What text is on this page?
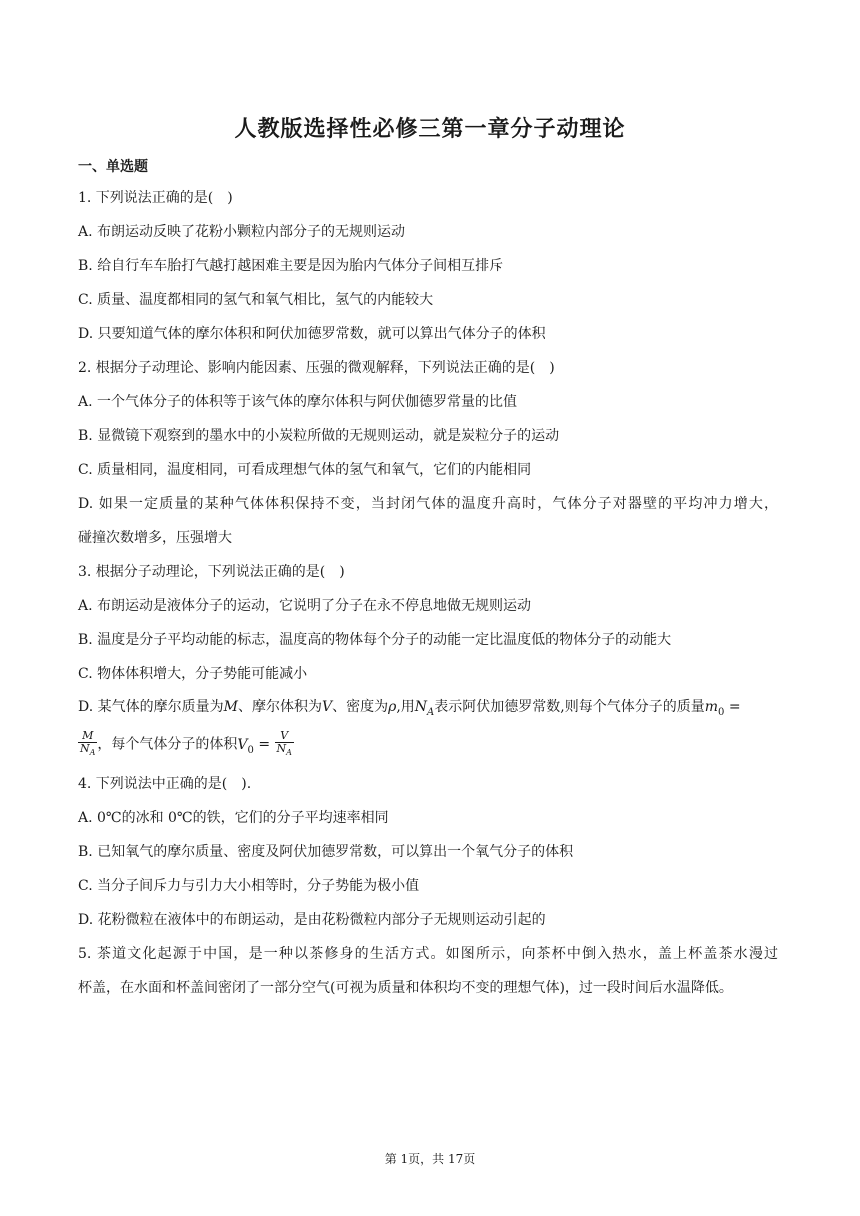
人教版选择性必修三第一章分子动理论
一、单选题
1. 下列说法正确的是(　)
A. 布朗运动反映了花粉小颗粒内部分子的无规则运动
B. 给自行车车胎打气越打越困难主要是因为胎内气体分子间相互排斥
C. 质量、温度都相同的氢气和氧气相比，氢气的内能较大
D. 只要知道气体的摩尔体积和阿伏加德罗常数，就可以算出气体分子的体积
2. 根据分子动理论、影响内能因素、压强的微观解释，下列说法正确的是(　)
A. 一个气体分子的体积等于该气体的摩尔体积与阿伏伽德罗常量的比值
B. 显微镜下观察到的墨水中的小炭粒所做的无规则运动，就是炭粒分子的运动
C. 质量相同，温度相同，可看成理想气体的氢气和氧气，它们的内能相同
D. 如果一定质量的某种气体体积保持不变，当封闭气体的温度升高时，气体分子对器壁的平均冲力增大，
碰撞次数增多，压强增大
3. 根据分子动理论，下列说法正确的是(　)
A. 布朗运动是液体分子的运动，它说明了分子在永不停息地做无规则运动
B. 温度是分子平均动能的标志，温度高的物体每个分子的动能一定比温度低的物体分子的动能大
C. 物体体积增大，分子势能可能减小
D. 某气体的摩尔质量为M、摩尔体积为V、密度为ρ,用$N_A$表示阿伏加德罗常数,则每个气体分子的质量$m_0$ =
$\frac{M}{N_A}$ ，每个气体分子的体积$V_0 = \frac{V}{N_A}$
4. 下列说法中正确的是(　).
A. 0℃的冰和 0℃的铁，它们的分子平均速率相同
B. 已知氧气的摩尔质量、密度及阿伏加德罗常数，可以算出一个氧气分子的体积
C. 当分子间斥力与引力大小相等时，分子势能为极小值
D. 花粉微粒在液体中的布朗运动，是由花粉微粒内部分子无规则运动引起的
5. 茶道文化起源于中国，是一种以茶修身的生活方式。如图所示，向茶杯中倒入热水，盖上杯盖茶水漫过
杯盖，在水面和杯盖间密闭了一部分空气(可视为质量和体积均不变的理想气体)，过一段时间后水温降低。
第 1页，共 17页
